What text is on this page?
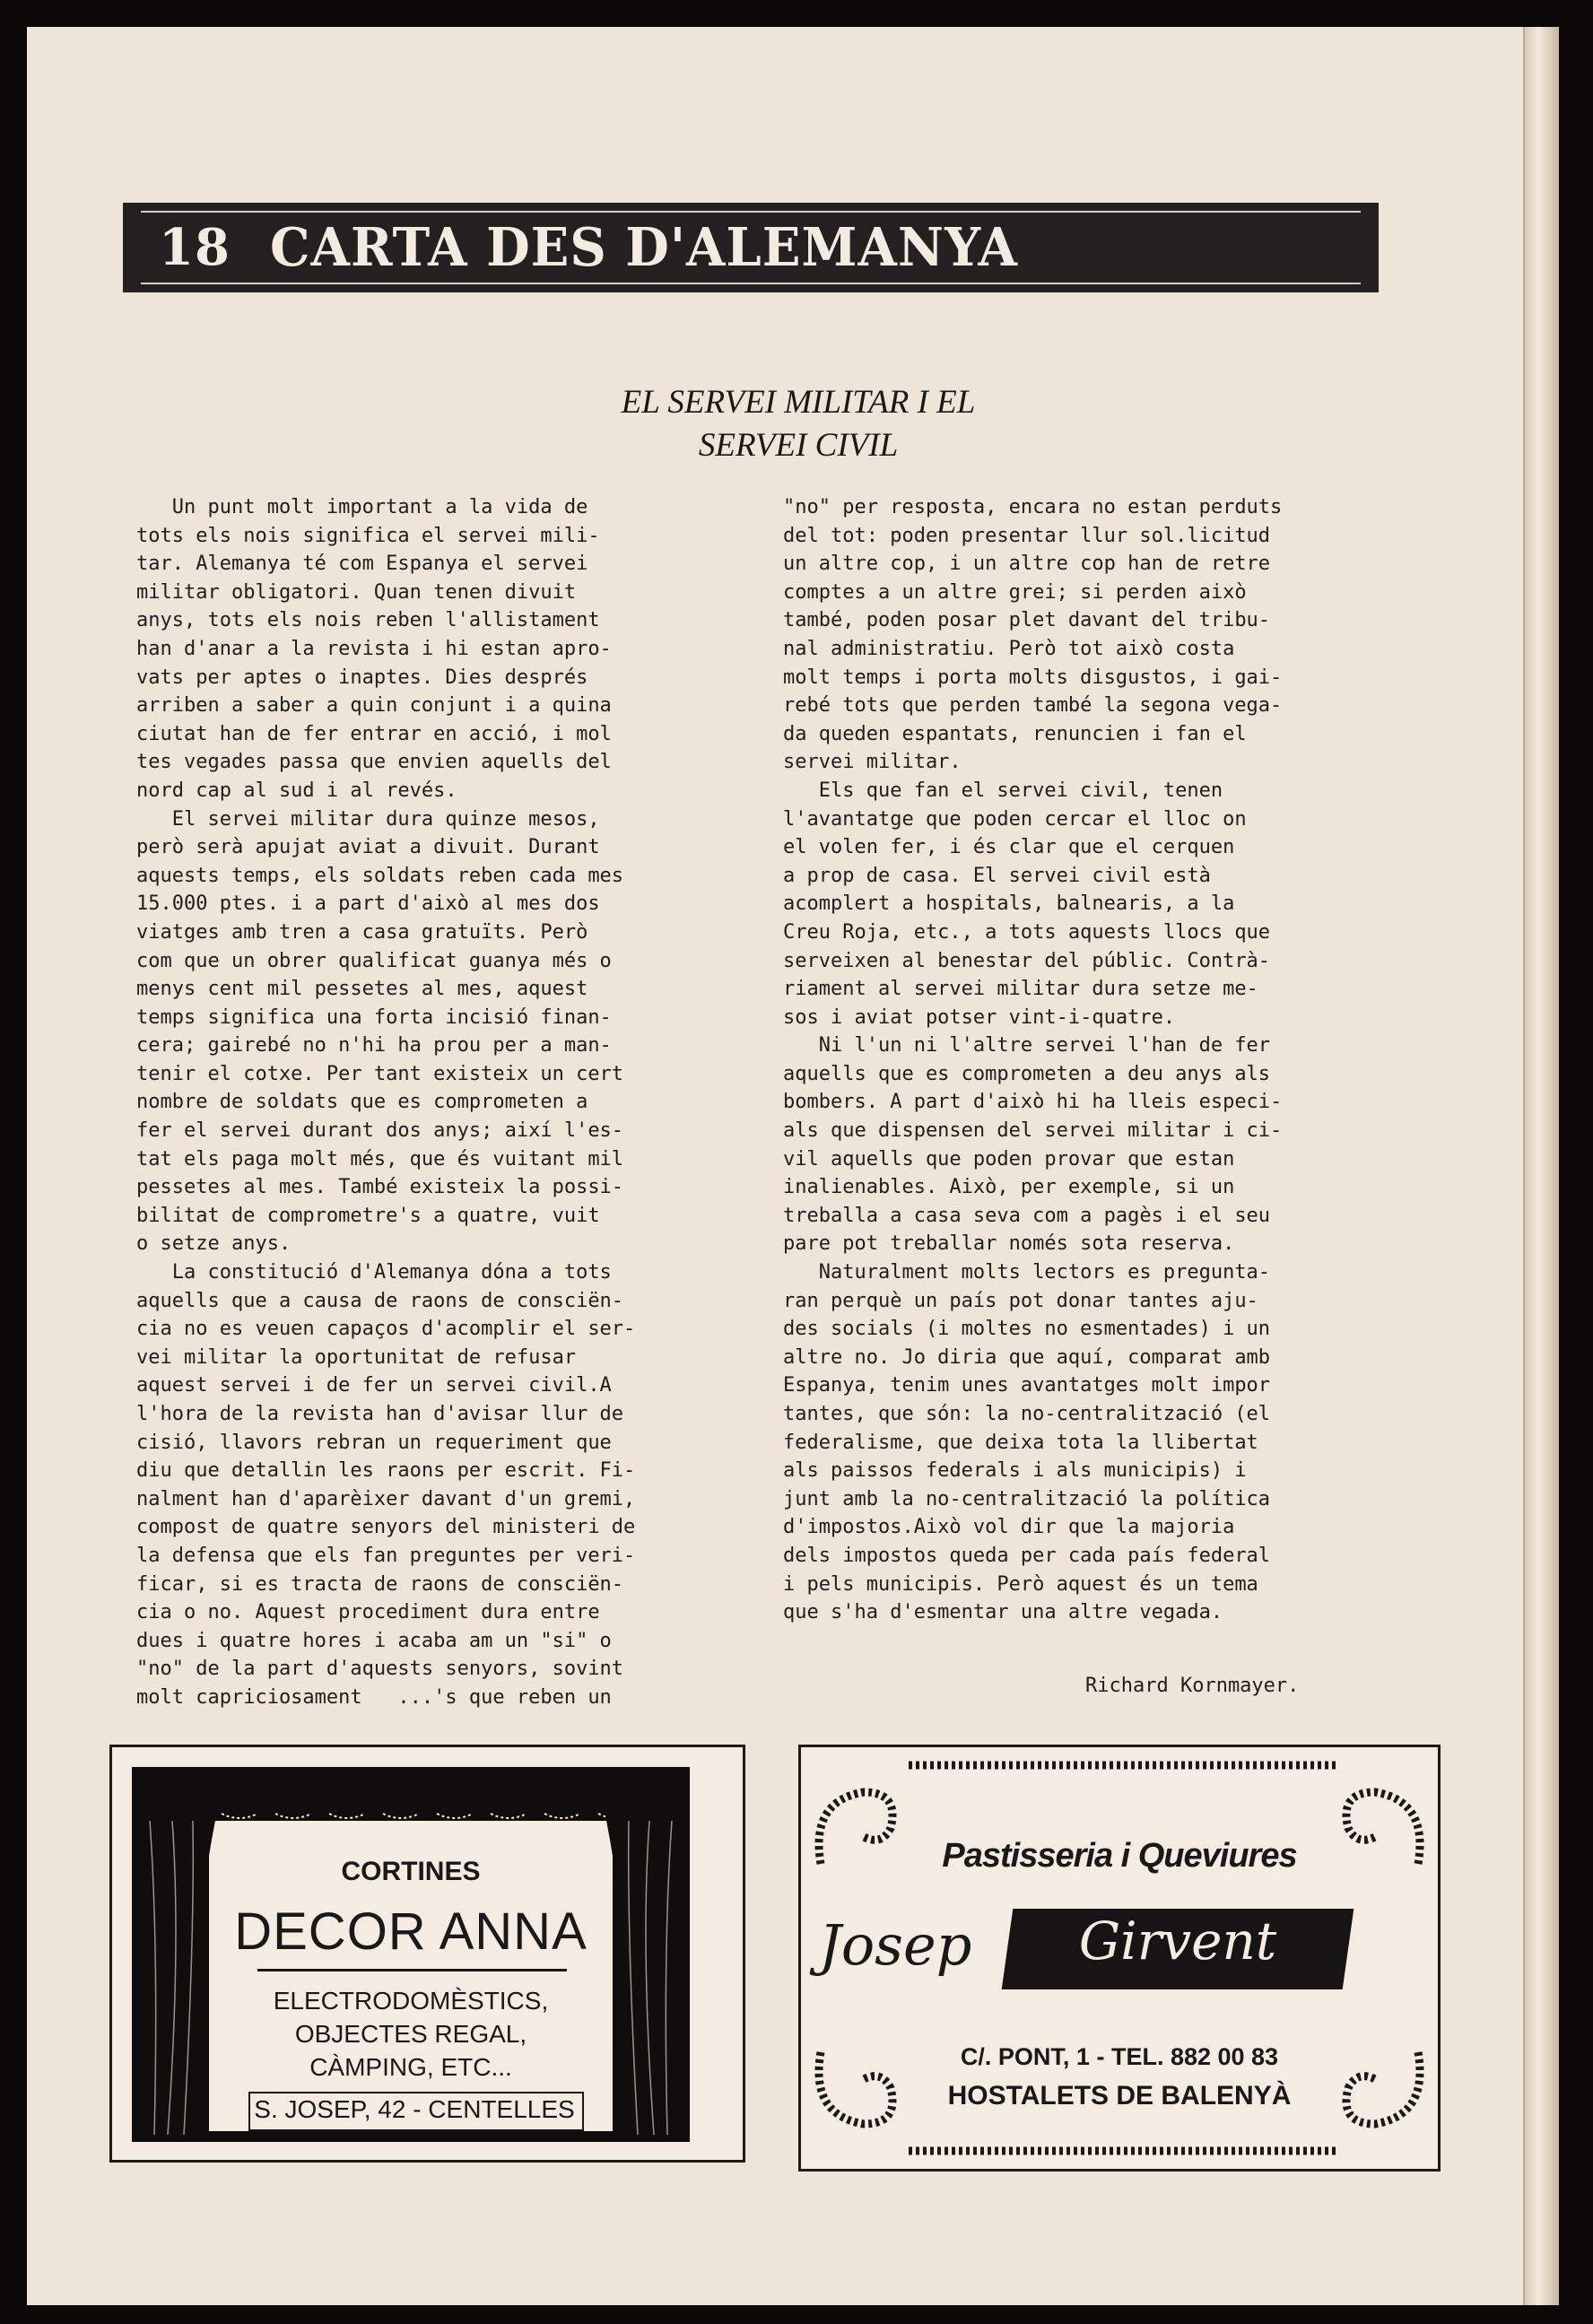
18 CARTA DES D'ALEMANYA
EL SERVEI MILITAR I EL
SERVEI CIVIL

Un punt molt important a la vida de

tots els nois significa el servei mili-

tar. Alemanya té com Espanya el servei

militar obligatori. Quan tenen divuit

anys, tots els nois reben l'allistament

han d'anar a la revista i hi estan apro-

vats per aptes o inaptes. Dies després

arriben a saber a quin conjunt i a quina

ciutat han de fer entrar en acció, i mol

tes vegades passa que envien aquells del

nord cap al sud i al revés.

El servei militar dura quinze mesos,

però serà apujat aviat a divuit. Durant

aquests temps, els soldats reben cada mes

15.000 ptes. i a part d'això al mes dos

viatges amb tren a casa gratuïts. Però

com que un obrer qualificat guanya més o

menys cent mil pessetes al mes, aquest

temps significa una forta incisió finan-

cera; gairebé no n'hi ha prou per a man-

tenir el cotxe. Per tant existeix un cert

nombre de soldats que es comprometen a

fer el servei durant dos anys; així l'es-

tat els paga molt més, que és vuitant mil

pessetes al mes. També existeix la possi-

bilitat de comprometre's a quatre, vuit

o setze anys.

La constitució d'Alemanya dóna a tots

aquells que a causa de raons de consciën-

cia no es veuen capaços d'acomplir el ser-

vei militar la oportunitat de refusar

aquest servei i de fer un servei civil.A

l'hora de la revista han d'avisar llur de

cisió, llavors rebran un requeriment que

diu que detallin les raons per escrit. Fi-

nalment han d'aparèixer davant d'un gremi,

compost de quatre senyors del ministeri de

la defensa que els fan preguntes per veri-

ficar, si es tracta de raons de consciën-

cia o no. Aquest procediment dura entre

dues i quatre hores i acaba am un "si" o

"no" de la part d'aquests senyors, sovint

molt capriciosament   ...'s que reben un

"no" per resposta, encara no estan perduts

del tot: poden presentar llur sol.licitud

un altre cop, i un altre cop han de retre

comptes a un altre grei; si perden això

també, poden posar plet davant del tribu-

nal administratiu. Però tot això costa

molt temps i porta molts disgustos, i gai-

rebé tots que perden també la segona vega-

da queden espantats, renuncien i fan el

servei militar.

Els que fan el servei civil, tenen

l'avantatge que poden cercar el lloc on

el volen fer, i és clar que el cerquen

a prop de casa. El servei civil està

acomplert a hospitals, balnearis, a la

Creu Roja, etc., a tots aquests llocs que

serveixen al benestar del públic. Contrà-

riament al servei militar dura setze me-

sos i aviat potser vint-i-quatre.

Ni l'un ni l'altre servei l'han de fer

aquells que es comprometen a deu anys als

bombers. A part d'això hi ha lleis especi-

als que dispensen del servei militar i ci-

vil aquells que poden provar que estan

inalienables. Això, per exemple, si un

treballa a casa seva com a pagès i el seu

pare pot treballar només sota reserva.

Naturalment molts lectors es pregunta-

ran perquè un país pot donar tantes aju-

des socials (i moltes no esmentades) i un

altre no. Jo diria que aquí, comparat amb

Espanya, tenim unes avantatges molt impor

tantes, que són: la no-centralització (el

federalisme, que deixa tota la llibertat

als paissos federals i als municipis) i

junt amb la no-centralització la política

d'impostos.Això vol dir que la majoria

dels impostos queda per cada país federal

i pels municipis. Però aquest és un tema

que s'ha d'esmentar una altre vegada.

Richard Kornmayer.
CORTINES
DECOR ANNA
ELECTRODOMÈSTICS,
OBJECTES REGAL,
CÀMPING, ETC...
S. JOSEP, 42 - CENTELLES
Pastisseria i Queviures
Josep	Girvent
C/. PONT, 1 - TEL. 882 00 83
HOSTALETS DE BALENYÀ
